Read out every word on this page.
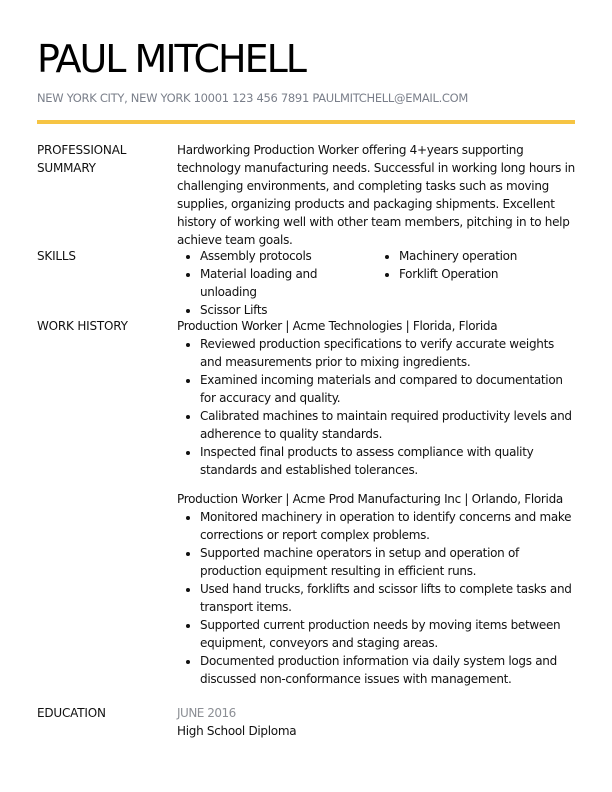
PAUL MITCHELL
NEW YORK CITY, NEW YORK 10001 123 456 7891 PAULMITCHELL@EMAIL.COM
PROFESSIONAL SUMMARY
Hardworking Production Worker offering 4+years supporting technology manufacturing needs. Successful in working long hours in challenging environments, and completing tasks such as moving supplies, organizing products and packaging shipments. Excellent history of working well with other team members, pitching in to help achieve team goals.
SKILLS
•	Assembly protocols
• Material loading and unloading
• Scissor Lifts
• Machinery operation
• Forklift Operation
WORK HISTORY	Production Worker | Acme Technologies | Florida, Florida
• Reviewed production specifications to verify accurate weights and measurements prior to mixing ingredients.
• Examined incoming materials and compared to documentation for accuracy and quality.
• Calibrated machines to maintain required productivity levels and adherence to quality standards.
• Inspected final products to assess compliance with quality standards and established tolerances.
Production Worker | Acme Prod Manufacturing Inc | Orlando, Florida
• Monitored machinery in operation to identify concerns and make corrections or report complex problems.
• Supported machine operators in setup and operation of production equipment resulting in efficient runs.
• Used hand trucks, forklifts and scissor lifts to complete tasks and transport items.
• Supported current production needs by moving items between equipment, conveyors and staging areas.
• Documented production information via daily system logs and discussed non-conformance issues with management.
EDUCATION	JUNE 2016
High School Diploma
